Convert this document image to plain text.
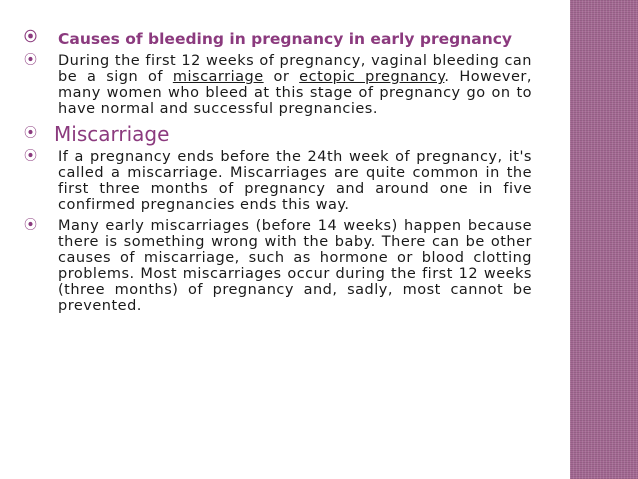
⦿	Causes of bleeding in pregnancy in early pregnancy
⦿	During the first 12 weeks of pregnancy, vaginal bleeding can be a sign of miscarriage or ectopic pregnancy. However, many women who bleed at this stage of pregnancy go on to have normal and successful pregnancies.
⦿ Miscarriage
⦿	If a pregnancy ends before the 24th week of pregnancy, it's called a miscarriage. Miscarriages are quite common in the first three months of pregnancy and around one in five confirmed pregnancies ends this way.
⦿	Many early miscarriages (before 14 weeks) happen because there is something wrong with the baby. There can be other causes of miscarriage, such as hormone or blood clotting problems. Most miscarriages occur during the first 12 weeks (three months) of pregnancy and, sadly, most cannot be prevented.
